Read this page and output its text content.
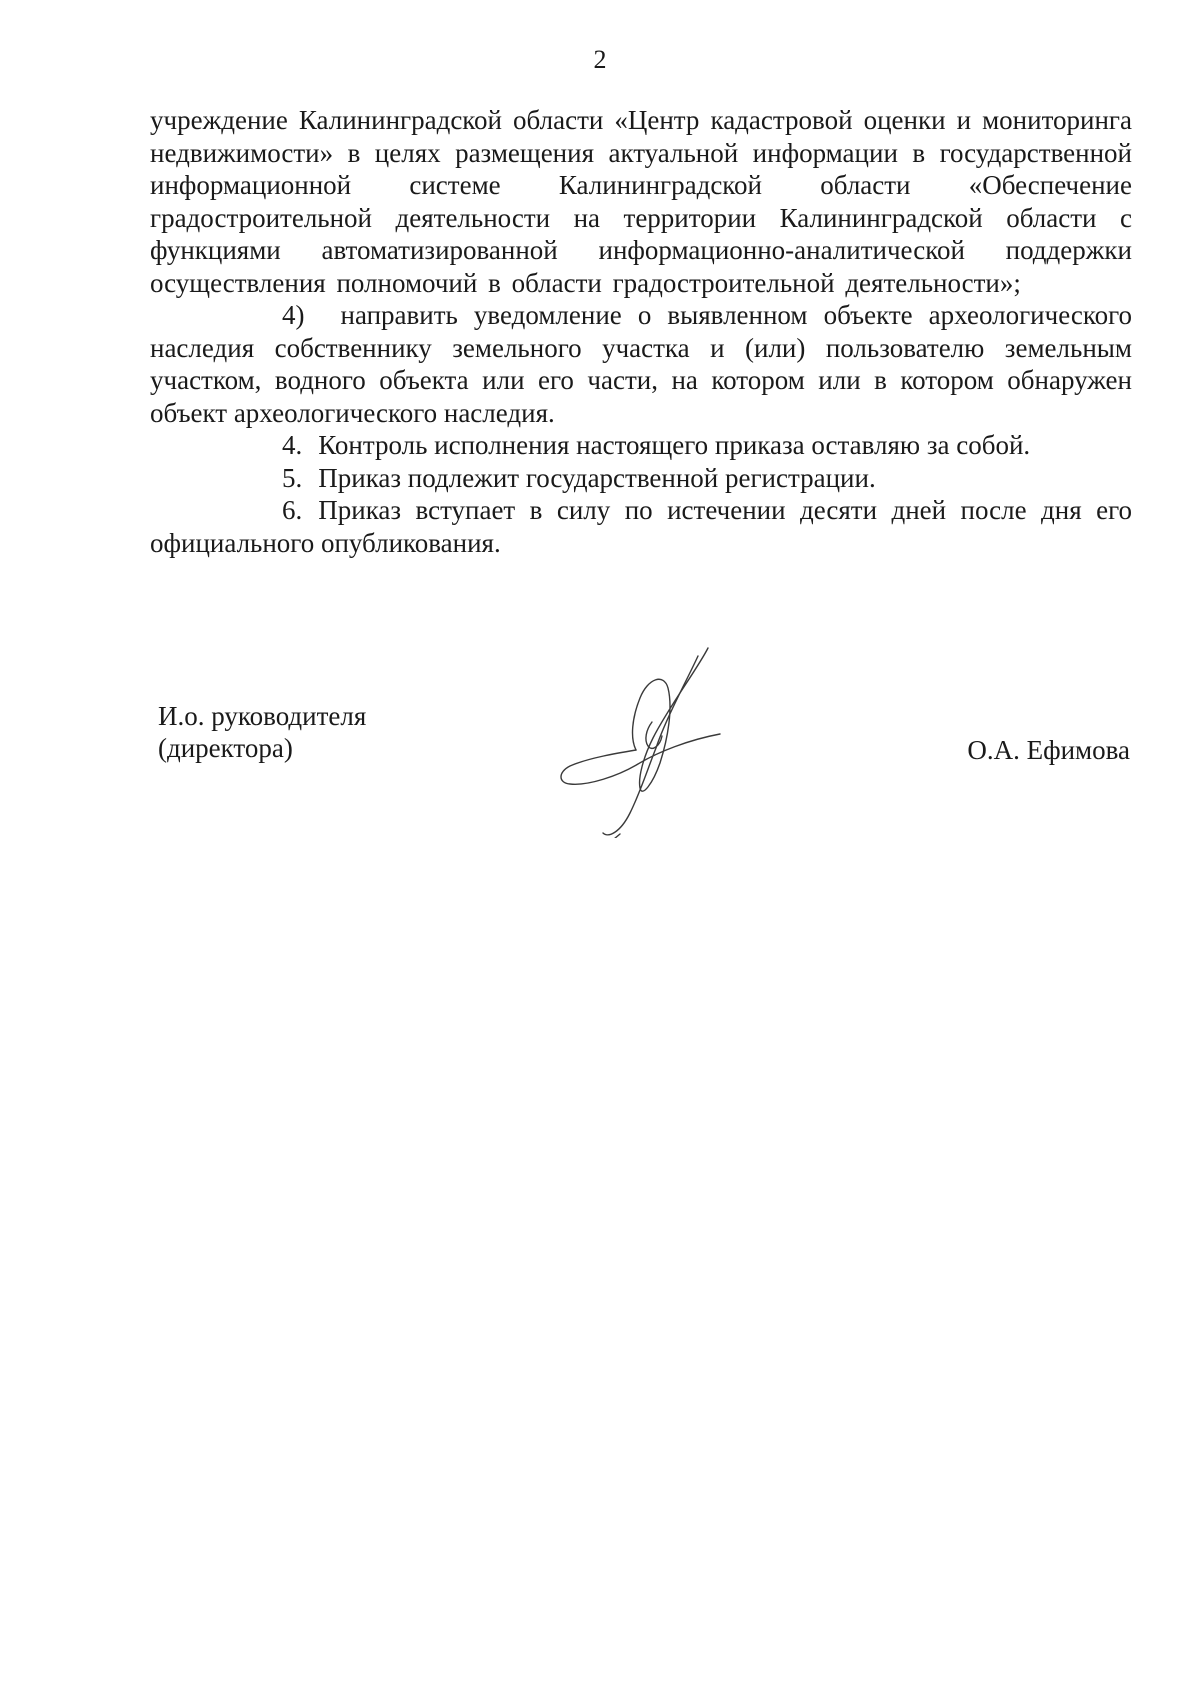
2

учреждение Калининградской области «Центр кадастровой оценки и мониторинга недвижимости» в целях размещения актуальной информации в государственной информационной системе Калининградской области «Обеспечение градостроительной деятельности на территории Калининградской области с функциями автоматизированной информационно-аналитической поддержки осуществления полномочий в области градостроительной деятельности»;

4) направить уведомление о выявленном объекте археологического наследия собственнику земельного участка и (или) пользователю земельным участком, водного объекта или его части, на котором или в котором обнаружен объект археологического наследия.

4. Контроль исполнения настоящего приказа оставляю за собой.

5. Приказ подлежит государственной регистрации.

6. Приказ вступает в силу по истечении десяти дней после дня его официального опубликования.

И.о. руководителя
(директора)	О.А. Ефимова
